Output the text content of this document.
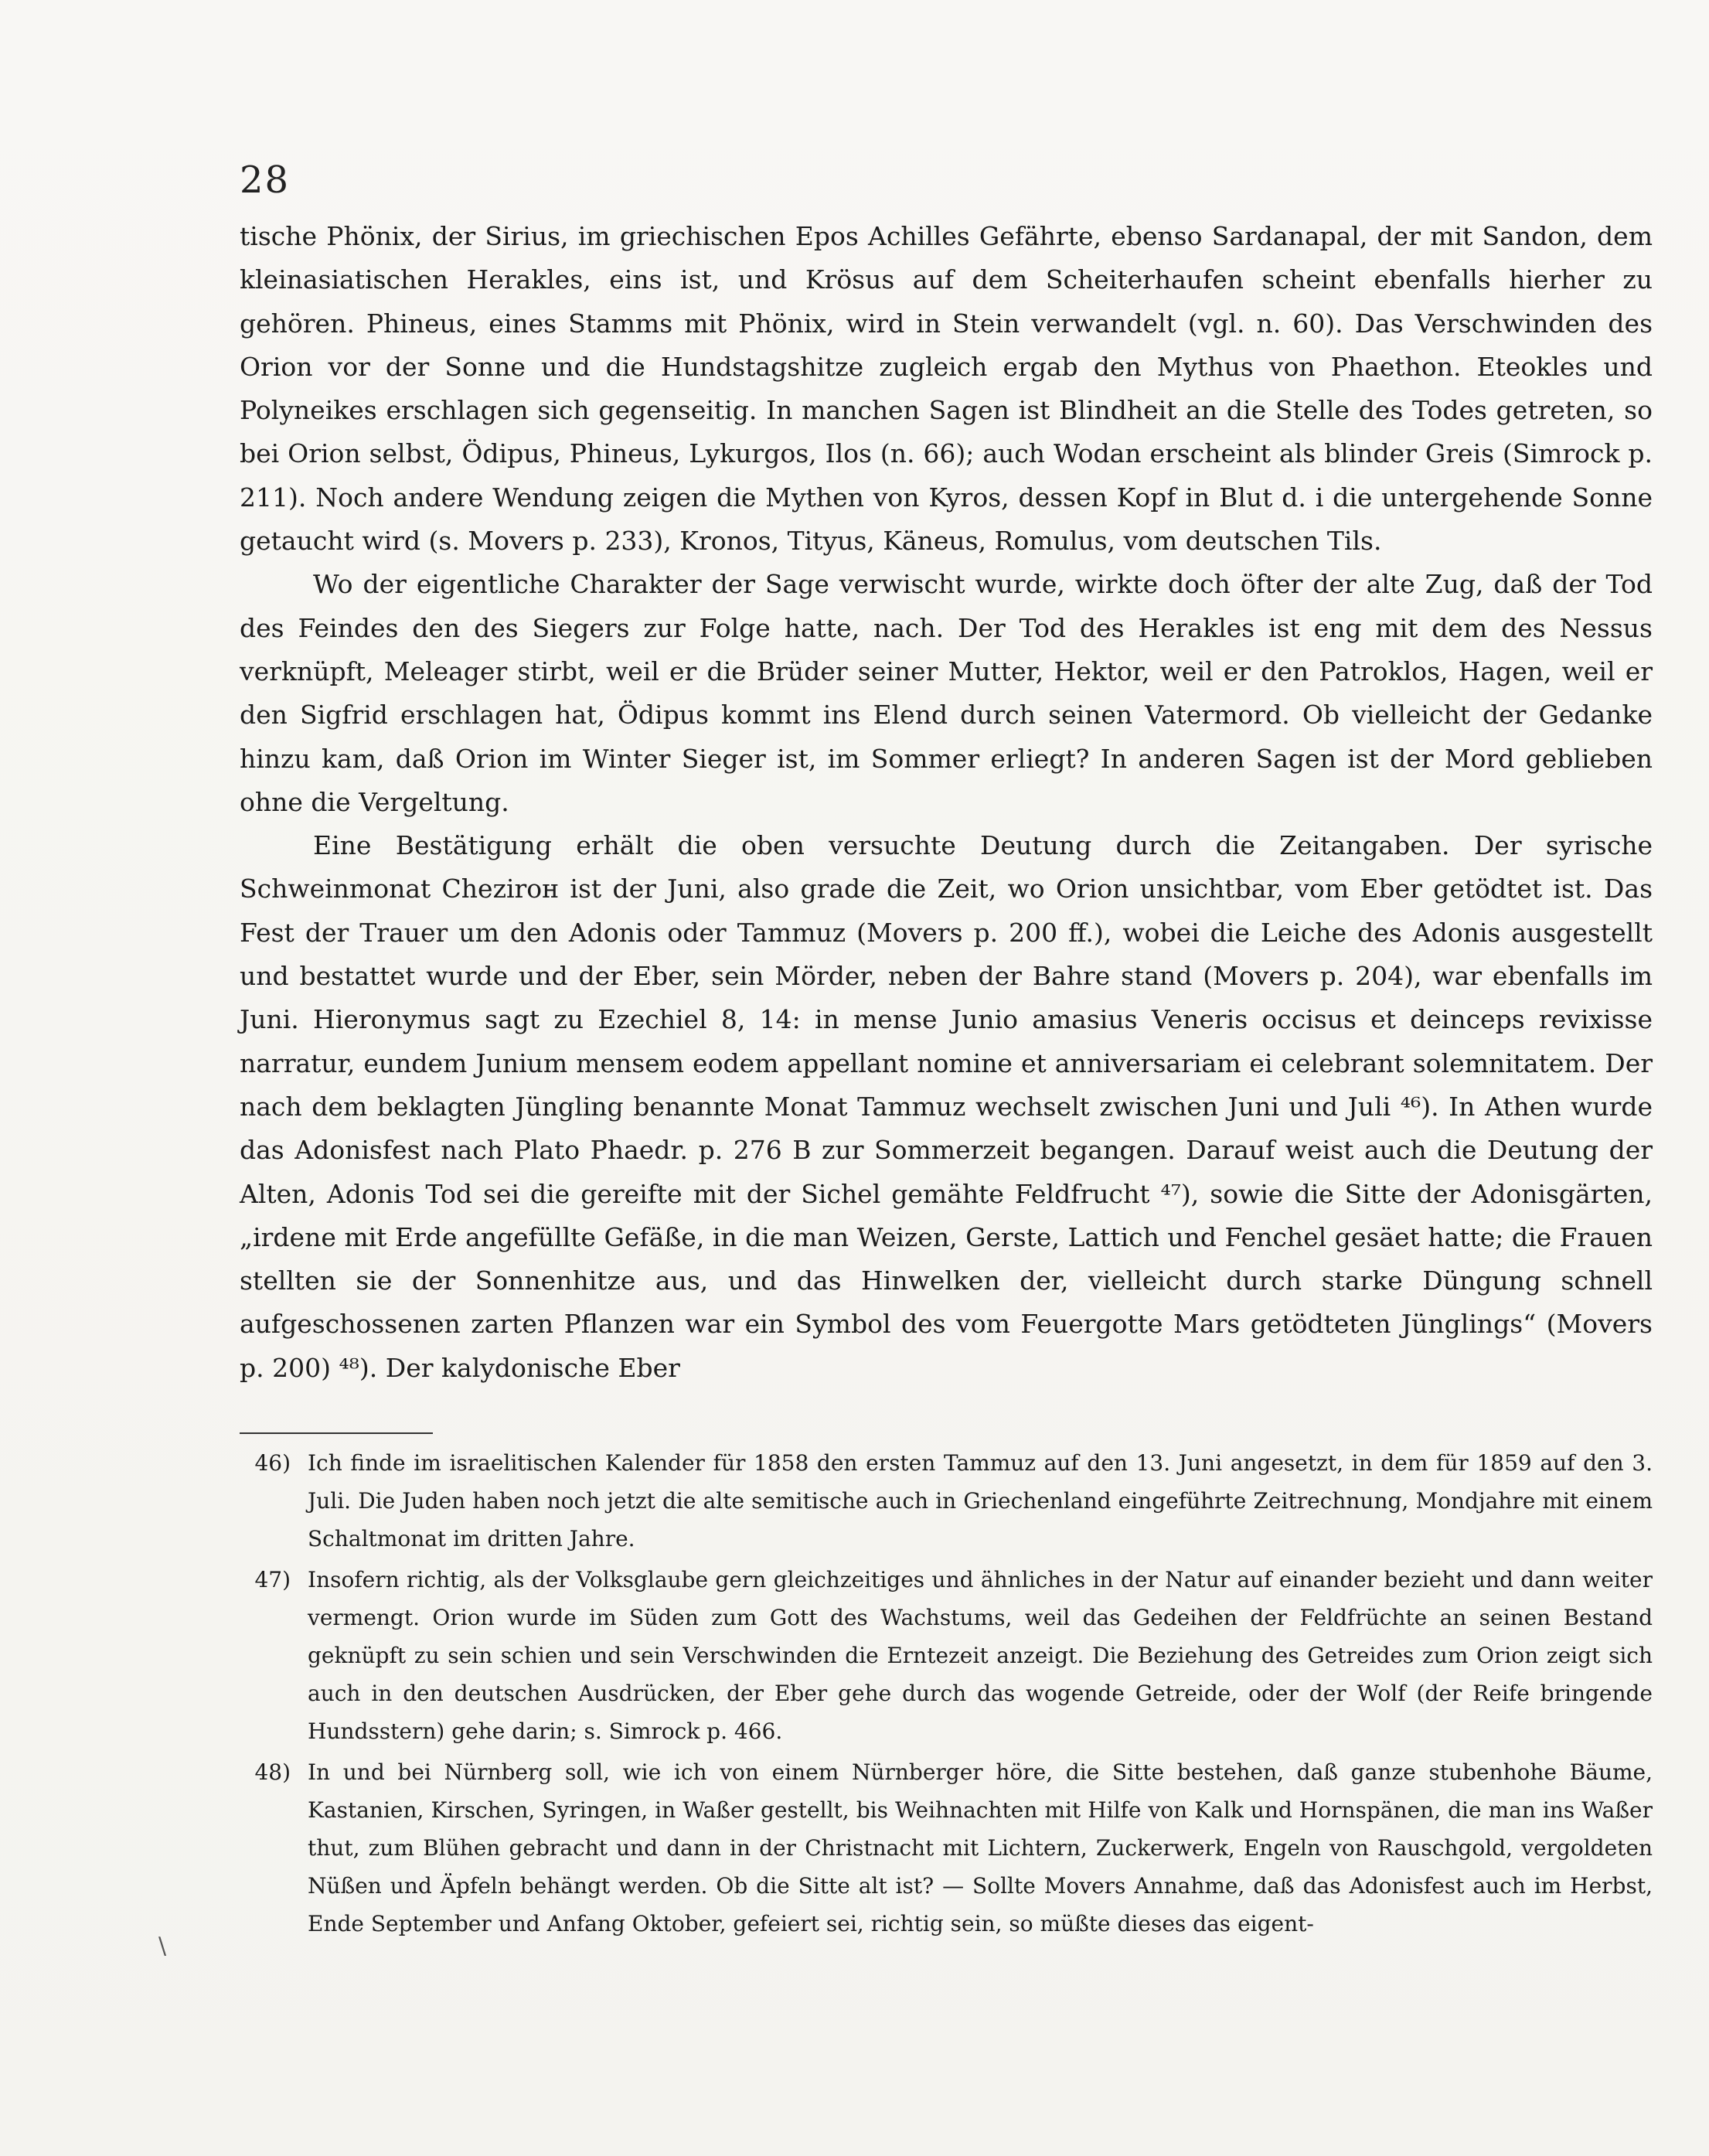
28

tische Phönix, der Sirius, im griechischen Epos Achilles Gefährte, ebenso Sardanapal, der mit Sandon, dem kleinasiatischen Herakles, eins ist, und Krösus auf dem Scheiterhaufen scheint ebenfalls hierher zu gehören. Phineus, eines Stamms mit Phönix, wird in Stein verwandelt (vgl. n. 60). Das Verschwinden des Orion vor der Sonne und die Hundstagshitze zugleich ergab den Mythus von Phaethon. Eteokles und Polyneikes erschlagen sich gegenseitig. In manchen Sagen ist Blindheit an die Stelle des Todes getreten, so bei Orion selbst, Ödipus, Phineus, Lykurgos, Ilos (n. 66); auch Wodan erscheint als blinder Greis (Simrock p. 211). Noch andere Wendung zeigen die Mythen von Kyros, dessen Kopf in Blut d. i die untergehende Sonne getaucht wird (s. Movers p. 233), Kronos, Tityus, Käneus, Romulus, vom deutschen Tils.

Wo der eigentliche Charakter der Sage verwischt wurde, wirkte doch öfter der alte Zug, daß der Tod des Feindes den des Siegers zur Folge hatte, nach. Der Tod des Herakles ist eng mit dem des Nessus verknüpft, Meleager stirbt, weil er die Brüder seiner Mutter, Hektor, weil er den Patroklos, Hagen, weil er den Sigfrid erschlagen hat, Ödipus kommt ins Elend durch seinen Vatermord. Ob vielleicht der Gedanke hinzu kam, daß Orion im Winter Sieger ist, im Sommer erliegt? In anderen Sagen ist der Mord geblieben ohne die Vergeltung.

Eine Bestätigung erhält die oben versuchte Deutung durch die Zeitangaben. Der syrische Schweinmonat Chezirон ist der Juni, also grade die Zeit, wo Orion unsichtbar, vom Eber getödtet ist. Das Fest der Trauer um den Adonis oder Tammuz (Movers p. 200 ff.), wobei die Leiche des Adonis ausgestellt und bestattet wurde und der Eber, sein Mörder, neben der Bahre stand (Movers p. 204), war ebenfalls im Juni. Hieronymus sagt zu Ezechiel 8, 14: in mense Junio amasius Veneris occisus et deinceps revixisse narratur, eundem Junium mensem eodem appellant nomine et anniversariam ei celebrant solemnitatem. Der nach dem beklagten Jüngling benannte Monat Tammuz wechselt zwischen Juni und Juli ⁴⁶). In Athen wurde das Adonisfest nach Plato Phaedr. p. 276 B zur Sommerzeit begangen. Darauf weist auch die Deutung der Alten, Adonis Tod sei die gereifte mit der Sichel gemähte Feldfrucht ⁴⁷), sowie die Sitte der Adonisgärten, „irdene mit Erde angefüllte Gefäße, in die man Weizen, Gerste, Lattich und Fenchel gesäet hatte; die Frauen stellten sie der Sonnenhitze aus, und das Hinwelken der, vielleicht durch starke Düngung schnell aufgeschossenen zarten Pflanzen war ein Symbol des vom Feuergotte Mars getödteten Jünglings“ (Movers p. 200) ⁴⁸). Der kalydonische Eber

46) Ich finde im israelitischen Kalender für 1858 den ersten Tammuz auf den 13. Juni angesetzt, in dem für 1859 auf den 3. Juli. Die Juden haben noch jetzt die alte semitische auch in Griechenland eingeführte Zeitrechnung, Mondjahre mit einem Schaltmonat im dritten Jahre.
47) Insofern richtig, als der Volksglaube gern gleichzeitiges und ähnliches in der Natur auf einander bezieht und dann weiter vermengt. Orion wurde im Süden zum Gott des Wachstums, weil das Gedeihen der Feldfrüchte an seinen Bestand geknüpft zu sein schien und sein Verschwinden die Erntezeit anzeigt. Die Beziehung des Getreides zum Orion zeigt sich auch in den deutschen Ausdrücken, der Eber gehe durch das wogende Getreide, oder der Wolf (der Reife bringende Hundsstern) gehe darin; s. Simrock p. 466.
48) In und bei Nürnberg soll, wie ich von einem Nürnberger höre, die Sitte bestehen, daß ganze stubenhohe Bäume, Kastanien, Kirschen, Syringen, in Waßer gestellt, bis Weihnachten mit Hilfe von Kalk und Hornspänen, die man ins Waßer thut, zum Blühen gebracht und dann in der Christnacht mit Lichtern, Zuckerwerk, Engeln von Rauschgold, vergoldeten Nüßen und Äpfeln behängt werden. Ob die Sitte alt ist? — Sollte Movers Annahme, daß das Adonisfest auch im Herbst, Ende September und Anfang Oktober, gefeiert sei, richtig sein, so müßte dieses das eigent-
\
